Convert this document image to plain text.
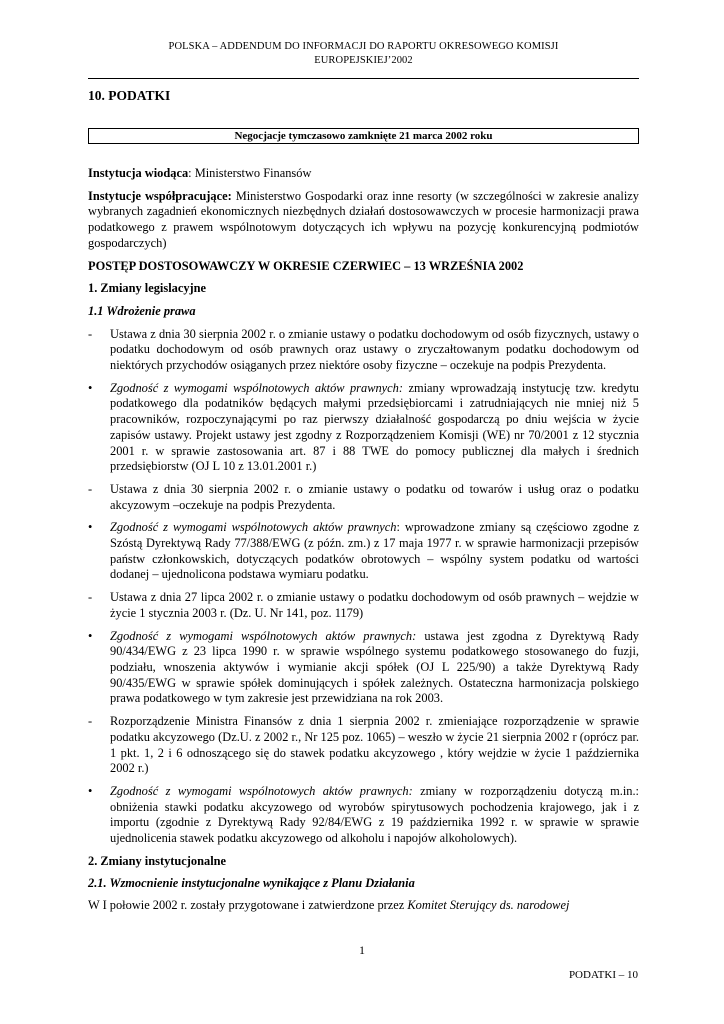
POLSKA – ADDENDUM DO INFORMACJI DO RAPORTU OKRESOWEGO KOMISJI
EUROPEJSKIEJ’2002
10. PODATKI
Negocjacje tymczasowo zamknięte 21 marca 2002 roku

Instytucja wiodąca: Ministerstwo Finansów

Instytucje współpracujące: Ministerstwo Gospodarki oraz inne resorty (w szczególności w zakresie analizy wybranych zagadnień ekonomicznych niezbędnych działań dostosowawczych w procesie harmonizacji prawa podatkowego z prawem wspólnotowym dotyczących ich wpływu na pozycję konkurencyjną podmiotów gospodarczych)

POSTĘP DOSTOSOWAWCZY W OKRESIE CZERWIEC – 13 WRZEŚNIA 2002
1. Zmiany legislacyjne
1.1 Wdrożenie prawa
-	Ustawa z dnia 30 sierpnia 2002 r. o zmianie ustawy o podatku dochodowym od osób fizycznych, ustawy o podatku dochodowym od osób prawnych oraz ustawy o zryczałtowanym podatku dochodowym od niektórych przychodów osiąganych przez niektóre osoby fizyczne – oczekuje na podpis Prezydenta.
•	Zgodność z wymogami wspólnotowych aktów prawnych: zmiany wprowadzają instytucję tzw. kredytu podatkowego dla podatników będących małymi przedsiębiorcami i zatrudniających nie mniej niż 5 pracowników, rozpoczynającymi po raz pierwszy działalność gospodarczą po dniu wejścia w życie zapisów ustawy. Projekt ustawy jest zgodny z Rozporządzeniem Komisji (WE) nr 70/2001 z 12 stycznia 2001 r. w sprawie zastosowania art. 87 i 88 TWE do pomocy publicznej dla małych i średnich przedsiębiorstw (OJ L 10 z 13.01.2001 r.)
-	Ustawa z dnia 30 sierpnia 2002 r. o zmianie ustawy o podatku od towarów i usług oraz o podatku akcyzowym –oczekuje na podpis Prezydenta.
•	Zgodność z wymogami wspólnotowych aktów prawnych: wprowadzone zmiany są częściowo zgodne z Szóstą Dyrektywą Rady 77/388/EWG (z późn. zm.) z 17 maja 1977 r. w sprawie harmonizacji przepisów państw członkowskich, dotyczących podatków obrotowych – wspólny system podatku od wartości dodanej – ujednolicona podstawa wymiaru podatku.
-	Ustawa z dnia 27 lipca 2002 r. o zmianie ustawy o podatku dochodowym od osób prawnych – wejdzie w życie 1 stycznia 2003 r. (Dz. U. Nr 141, poz. 1179)
•	Zgodność z wymogami wspólnotowych aktów prawnych: ustawa jest zgodna z Dyrektywą Rady 90/434/EWG z 23 lipca 1990 r. w sprawie wspólnego systemu podatkowego stosowanego do fuzji, podziału, wnoszenia aktywów i wymianie akcji spółek (OJ L 225/90) a także Dyrektywą Rady 90/435/EWG w sprawie spółek dominujących i spółek zależnych. Ostateczna harmonizacja polskiego prawa podatkowego w tym zakresie jest przewidziana na rok 2003.
-	Rozporządzenie Ministra Finansów z dnia 1 sierpnia 2002 r. zmieniające rozporządzenie w sprawie podatku akcyzowego (Dz.U. z 2002 r., Nr 125 poz. 1065) – weszło w życie 21 sierpnia 2002 r (oprócz par. 1 pkt. 1, 2 i 6 odnoszącego się do stawek podatku akcyzowego , który wejdzie w życie 1 października 2002 r.)
•	Zgodność z wymogami wspólnotowych aktów prawnych: zmiany w rozporządzeniu dotyczą m.in.: obniżenia stawki podatku akcyzowego od wyrobów spirytusowych pochodzenia krajowego, jak i z importu (zgodnie z Dyrektywą Rady 92/84/EWG z 19 października 1992 r. w sprawie w sprawie ujednolicenia stawek podatku akcyzowego od alkoholu i napojów alkoholowych).
2. Zmiany instytucjonalne
2.1. Wzmocnienie instytucjonalne wynikające z Planu Działania

W I połowie 2002 r. zostały przygotowane i zatwierdzone przez Komitet Sterujący ds. narodowej

1
PODATKI – 10
